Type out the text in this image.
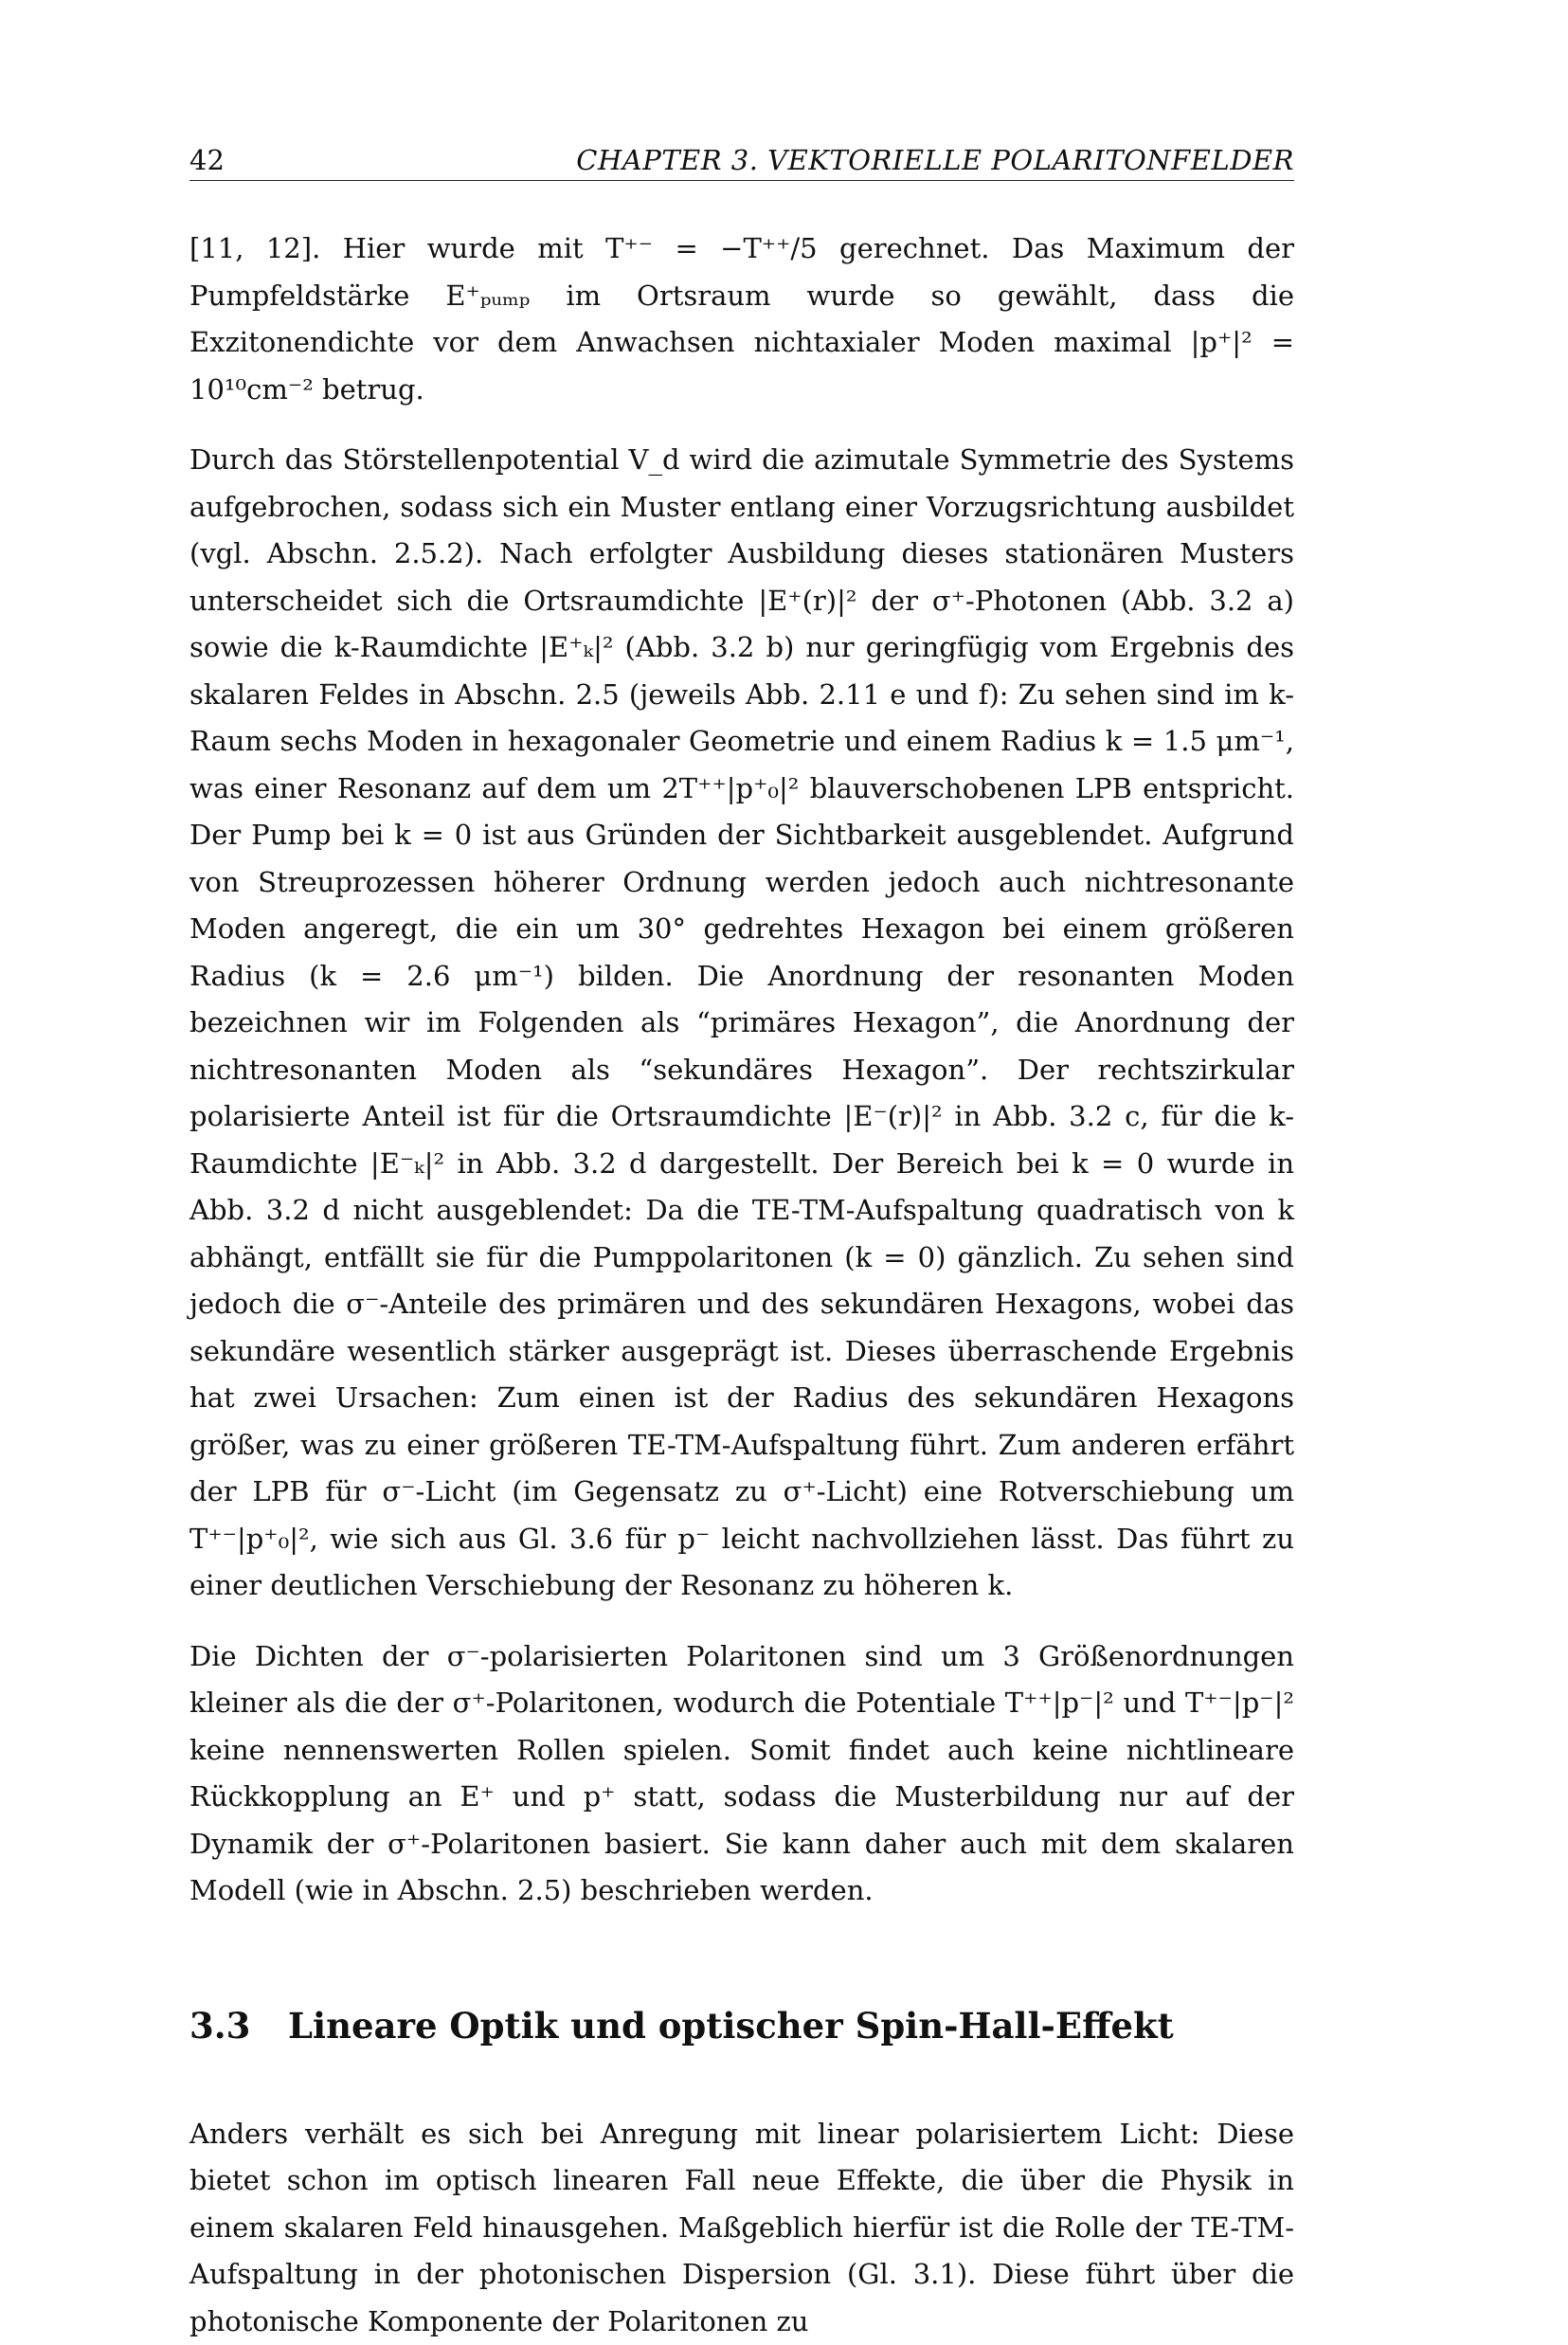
42	CHAPTER 3. VEKTORIELLE POLARITONFELDER

[11, 12]. Hier wurde mit T⁺⁻ = −T⁺⁺/5 gerechnet. Das Maximum der Pumpfeldstärke E⁺ₚᵤₘₚ im Ortsraum wurde so gewählt, dass die Exzitonendichte vor dem Anwachsen nichtaxialer Moden maximal |p⁺|² = 10¹⁰cm⁻² betrug.

Durch das Störstellenpotential V_d wird die azimutale Symmetrie des Systems aufgebrochen, sodass sich ein Muster entlang einer Vorzugsrichtung ausbildet (vgl. Abschn. 2.5.2). Nach erfolgter Ausbildung dieses stationären Musters unterscheidet sich die Ortsraumdichte |E⁺(r)|² der σ⁺-Photonen (Abb. 3.2 a) sowie die k-Raumdichte |E⁺ₖ|² (Abb. 3.2 b) nur geringfügig vom Ergebnis des skalaren Feldes in Abschn. 2.5 (jeweils Abb. 2.11 e und f): Zu sehen sind im k-Raum sechs Moden in hexagonaler Geometrie und einem Radius k = 1.5 μm⁻¹, was einer Resonanz auf dem um 2T⁺⁺|p⁺₀|² blauverschobenen LPB entspricht. Der Pump bei k = 0 ist aus Gründen der Sichtbarkeit ausgeblendet. Aufgrund von Streuprozessen höherer Ordnung werden jedoch auch nichtresonante Moden angeregt, die ein um 30° gedrehtes Hexagon bei einem größeren Radius (k = 2.6 μm⁻¹) bilden. Die Anordnung der resonanten Moden bezeichnen wir im Folgenden als “primäres Hexagon”, die Anordnung der nichtresonanten Moden als “sekundäres Hexagon”. Der rechtszirkular polarisierte Anteil ist für die Ortsraumdichte |E⁻(r)|² in Abb. 3.2 c, für die k-Raumdichte |E⁻ₖ|² in Abb. 3.2 d dargestellt. Der Bereich bei k = 0 wurde in Abb. 3.2 d nicht ausgeblendet: Da die TE-TM-Aufspaltung quadratisch von k abhängt, entfällt sie für die Pumppolaritonen (k = 0) gänzlich. Zu sehen sind jedoch die σ⁻-Anteile des primären und des sekundären Hexagons, wobei das sekundäre wesentlich stärker ausgeprägt ist. Dieses überraschende Ergebnis hat zwei Ursachen: Zum einen ist der Radius des sekundären Hexagons größer, was zu einer größeren TE-TM-Aufspaltung führt. Zum anderen erfährt der LPB für σ⁻-Licht (im Gegensatz zu σ⁺-Licht) eine Rotverschiebung um T⁺⁻|p⁺₀|², wie sich aus Gl. 3.6 für p⁻ leicht nachvollziehen lässt. Das führt zu einer deutlichen Verschiebung der Resonanz zu höheren k.

Die Dichten der σ⁻-polarisierten Polaritonen sind um 3 Größenordnungen kleiner als die der σ⁺-Polaritonen, wodurch die Potentiale T⁺⁺|p⁻|² und T⁺⁻|p⁻|² keine nennenswerten Rollen spielen. Somit findet auch keine nichtlineare Rückkopplung an E⁺ und p⁺ statt, sodass die Musterbildung nur auf der Dynamik der σ⁺-Polaritonen basiert. Sie kann daher auch mit dem skalaren Modell (wie in Abschn. 2.5) beschrieben werden.

3.3 Lineare Optik und optischer Spin-Hall-Effekt

Anders verhält es sich bei Anregung mit linear polarisiertem Licht: Diese bietet schon im optisch linearen Fall neue Effekte, die über die Physik in einem skalaren Feld hinausgehen. Maßgeblich hierfür ist die Rolle der TE-TM-Aufspaltung in der photonischen Dispersion (Gl. 3.1). Diese führt über die photonische Komponente der Polaritonen zu
